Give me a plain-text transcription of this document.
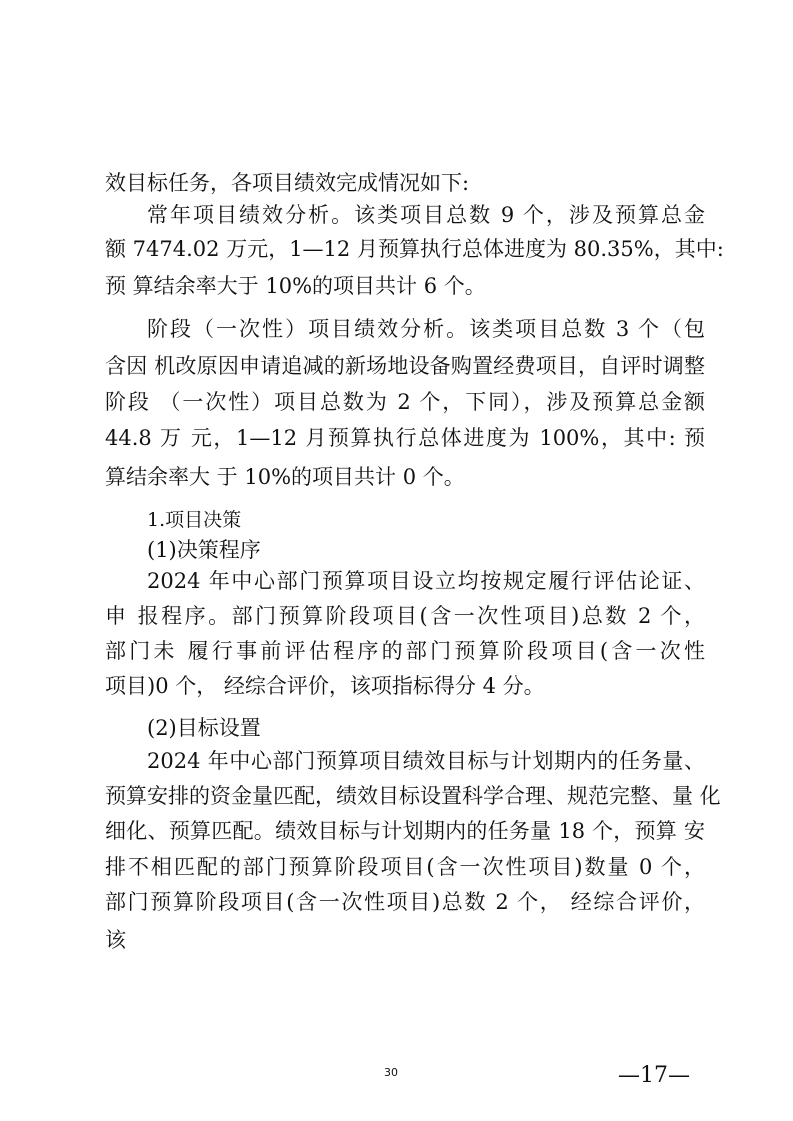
效目标任务，各项目绩效完成情况如下:
常年项目绩效分析。该类项目总数 9 个，涉及预算总金
额 7474.02 万元，1—12 月预算执行总体进度为 80.35%，其中:
预 算结余率大于 10%的项目共计 6 个。
阶段（一次性）项目绩效分析。该类项目总数 3 个（包
含因 机改原因申请追减的新场地设备购置经费项目，自评时调整
阶段 （一次性）项目总数为 2 个，下同），涉及预算总金额
44.8 万 元，1—12 月预算执行总体进度为 100%，其中: 预
算结余率大 于 10%的项目共计 0 个。
1.项目决策
(1)决策程序
2024 年中心部门预算项目设立均按规定履行评估论证、
申 报程序。部门预算阶段项目(含一次性项目)总数 2 个，
部门未 履行事前评估程序的部门预算阶段项目(含一次性
项目)0 个， 经综合评价，该项指标得分 4 分。
(2)目标设置
2024 年中心部门预算项目绩效目标与计划期内的任务量、
预算安排的资金量匹配，绩效目标设置科学合理、规范完整、量 化
细化、预算匹配。绩效目标与计划期内的任务量 18 个，预算 安
排不相匹配的部门预算阶段项目(含一次性项目)数量 0 个，
部门预算阶段项目(含一次性项目)总数 2 个， 经综合评价，
该
30	—17—
